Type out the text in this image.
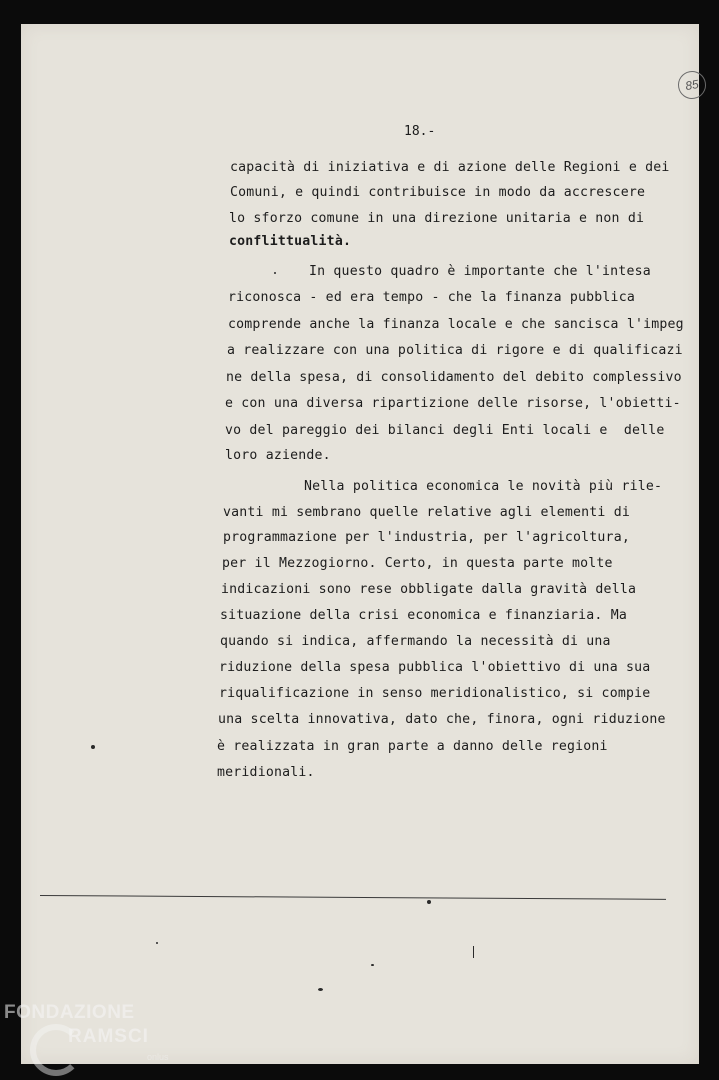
85
18.-
capacità di iniziativa e di azione delle Regioni e dei
Comuni, e quindi contribuisce in modo da accrescere
lo sforzo comune in una direzione unitaria e non di
conflittualità.
In questo quadro è importante che l'intesa
riconosca - ed era tempo - che la finanza pubblica
comprende anche la finanza locale e che sancisca l'impeg
a realizzare con una politica di rigore e di qualificazi
ne della spesa, di consolidamento del debito complessivo
e con una diversa ripartizione delle risorse, l'obietti-
vo del pareggio dei bilanci degli Enti locali e  delle
loro aziende.
Nella politica economica le novità più rile-
vanti mi sembrano quelle relative agli elementi di
programmazione per l'industria, per l'agricoltura,
per il Mezzogiorno. Certo, in questa parte molte
indicazioni sono rese obbligate dalla gravità della
situazione della crisi economica e finanziaria. Ma
quando si indica, affermando la necessità di una
riduzione della spesa pubblica l'obiettivo di una sua
riqualificazione in senso meridionalistico, si compie
una scelta innovativa, dato che, finora, ogni riduzione
è realizzata in gran parte a danno delle regioni
meridionali.
FONDAZIONE
RAMSCI
onlus
